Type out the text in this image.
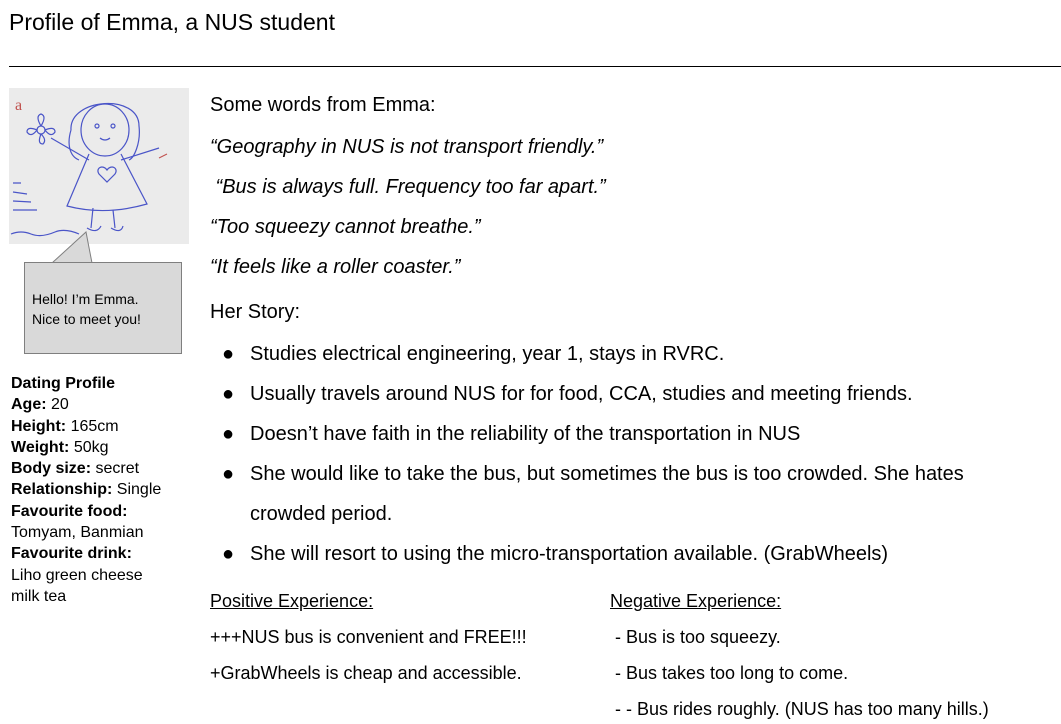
Profile of Emma, a NUS student
a
Hello! I’m Emma.
Nice to meet you!
Dating Profile
Age: 20
Height: 165cm
Weight: 50kg
Body size: secret
Relationship: Single
Favourite food:
Tomyam, Banmian
Favourite drink:
Liho green cheese
milk tea
Some words from Emma:
“Geography in NUS is not transport friendly.”
“Bus is always full. Frequency too far apart.”
“Too squeezy cannot breathe.”
“It feels like a roller coaster.”
Her Story:
● Studies electrical engineering, year 1, stays in RVRC.
● Usually travels around NUS for for food, CCA, studies and meeting friends.
● Doesn’t have faith in the reliability of the transportation in NUS
● She would like to take the bus, but sometimes the bus is too crowded. She hates
crowded period.
● She will resort to using the micro-transportation available. (GrabWheels)
Positive Experience:
+++NUS bus is convenient and FREE!!!
+GrabWheels is cheap and accessible.
Negative Experience:
- Bus is too squeezy.
- Bus takes too long to come.
- - Bus rides roughly. (NUS has too many hills.)
